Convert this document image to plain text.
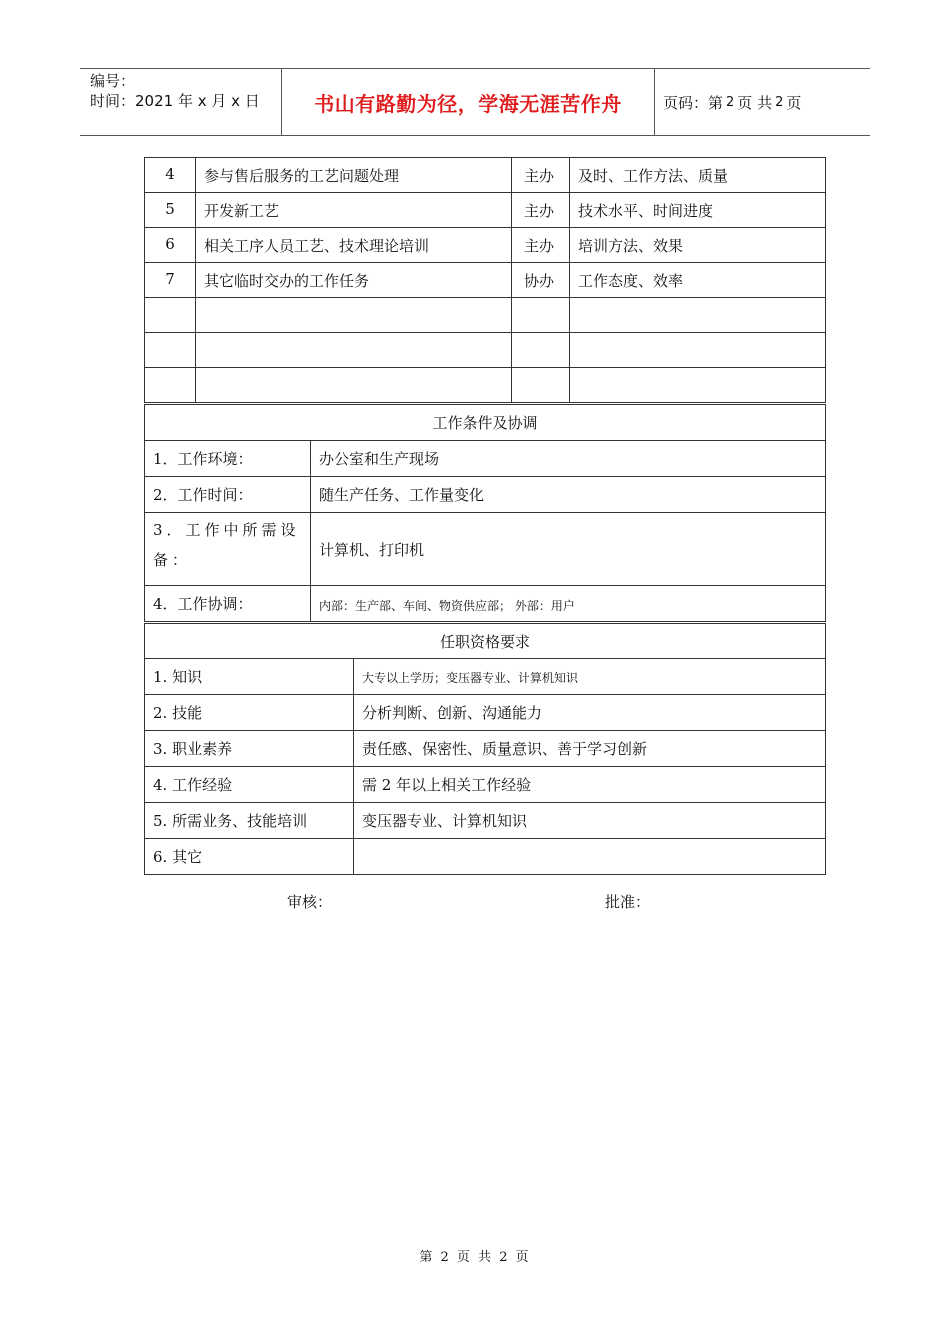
编号：
时间：2021 年 x 月 x 日	书山有路勤为径，学海无涯苦作舟	页码：第 2 页 共 2 页
4	参与售后服务的工艺问题处理	主办	及时、工作方法、质量
5	开发新工艺	主办	技术水平、时间进度
6	相关工序人员工艺、技术理论培训	主办	培训方法、效果
7	其它临时交办的工作任务	协办	工作态度、效率

工作条件及协调	
1．工作环境：	办公室和生产现场
2．工作时间：	随生产任务、工作量变化
3．工作中所需设备：	计算机、打印机
4．工作协调：	内部：生产部、车间、物资供应部； 外部：用户
任职资格要求	
1. 知识	大专以上学历；变压器专业、计算机知识
2. 技能	分析判断、创新、沟通能力
3. 职业素养	责任感、保密性、质量意识、善于学习创新
4. 工作经验	需 2 年以上相关工作经验
5. 所需业务、技能培训	变压器专业、计算机知识
6. 其它	
审核：	批准：
第 2 页 共 2 页
